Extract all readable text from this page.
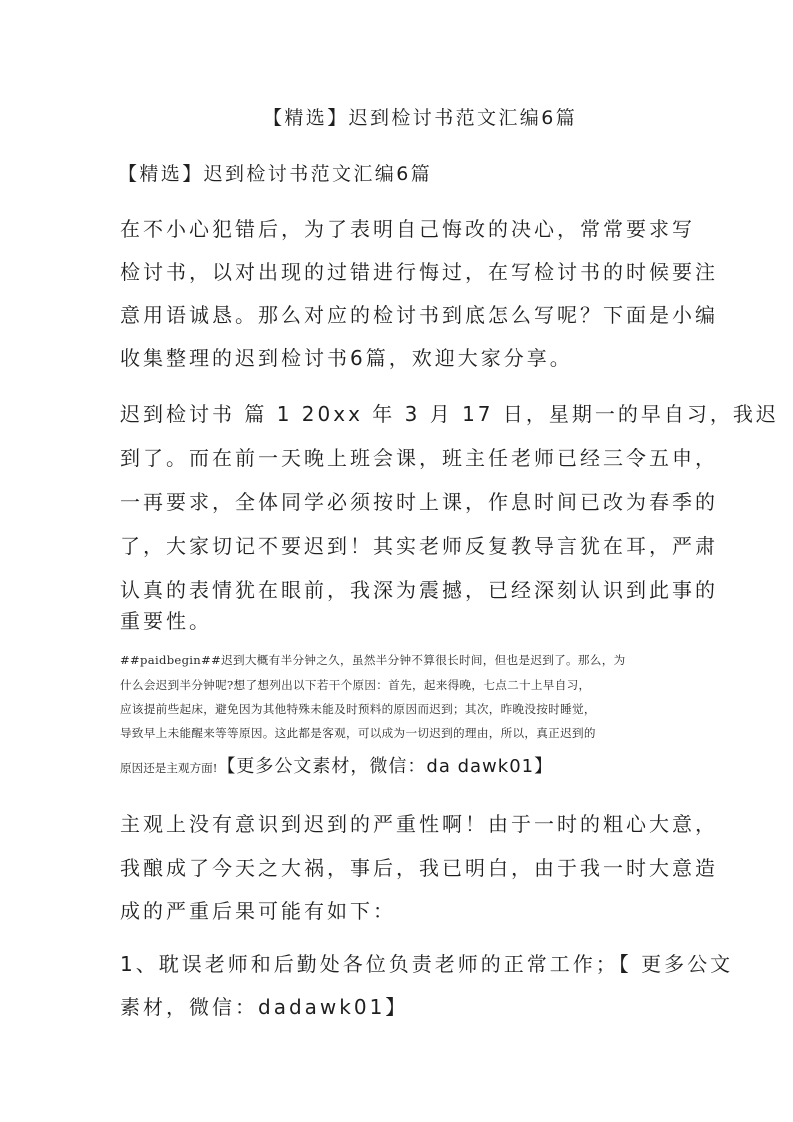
【精选】迟到检讨书范文汇编6篇
【精选】迟到检讨书范文汇编6篇
在不小心犯错后，为了表明自己悔改的决心，常常要求写
检讨书，以对出现的过错进行悔过，在写检讨书的时候要注
意用语诚恳。那么对应的检讨书到底怎么写呢？下面是小编
收集整理的迟到检讨书6篇，欢迎大家分享。
迟到检讨书 篇 1 20xx 年 3 月 17 日，星期一的早自习，我迟
到了。而在前一天晚上班会课，班主任老师已经三令五申，
一再要求，全体同学必须按时上课，作息时间已改为春季的
了，大家切记不要迟到！其实老师反复教导言犹在耳，严肃
认真的表情犹在眼前，我深为震撼，已经深刻认识到此事的
重要性。
##paidbegin##迟到大概有半分钟之久，虽然半分钟不算很长时间，但也是迟到了。那么，为
什么会迟到半分钟呢?想了想列出以下若干个原因：首先，起来得晚，七点二十上早自习，
应该提前些起床，避免因为其他特殊未能及时预料的原因而迟到；其次，昨晚没按时睡觉，
导致早上未能醒来等等原因。这此都是客观，可以成为一切迟到的理由，所以，真正迟到的
原因还是主观方面!【更多公文素材，微信：da dawk01】
主观上没有意识到迟到的严重性啊！由于一时的粗心大意，
我酿成了今天之大祸，事后，我已明白，由于我一时大意造
成的严重后果可能有如下：
1、耽误老师和后勤处各位负责老师的正常工作；【 更多公文
素材，微信：dadawk01】
